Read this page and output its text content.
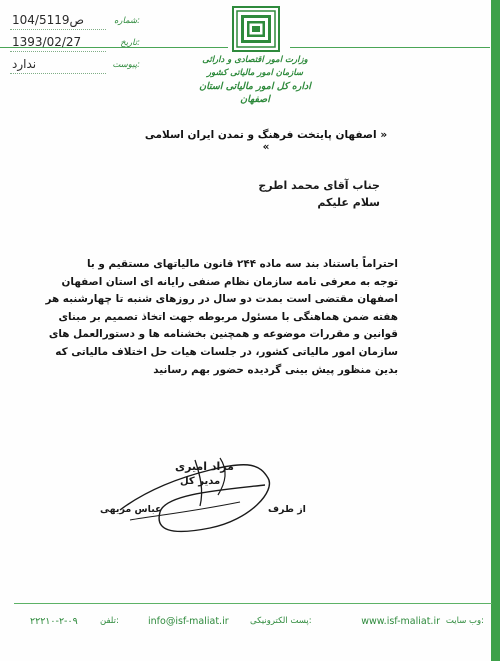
104/5119ص	شماره:
1393/02/27	تاریخ:
ندارد	پیوست:	وزارت امور اقتصادی و دارائی
سازمان امور مالیاتی کشور
اداره کل امور مالیاتی استان اصفهان
« اصفهان پایتخت فرهنگ و تمدن ایران اسلامی »
جناب آقای محمد اطرج
سلام علیکم

احتراماً باستناد بند سه ماده ۲۴۴ قانون مالیاتهای مستقیم و با

توجه به معرفی نامه سازمان نظام صنفی رایانه ای استان اصفهان

اصفهان مقتضی است بمدت دو سال در روزهای شنبه تا چهارشنبه هر

هفته ضمن هماهنگی با مسئول مربوطه جهت اتخاذ تصمیم بر مبنای

قوانین و مقررات موضوعه و همچنین بخشنامه ها و دستورالعمل های

سازمان امور مالیاتی کشور، در جلسات هیات حل اختلاف مالیاتی که

بدین منظور پیش بینی گردیده حضور بهم رسانید

مراد امیری
مدیر کل
از طرف
عباس مزیهی
وب سایت:
www.isf-maliat.ir
پست الکترونیکی:
info@isf-maliat.ir
تلفن:
۲۲۲۱۰-۲-۰۹
